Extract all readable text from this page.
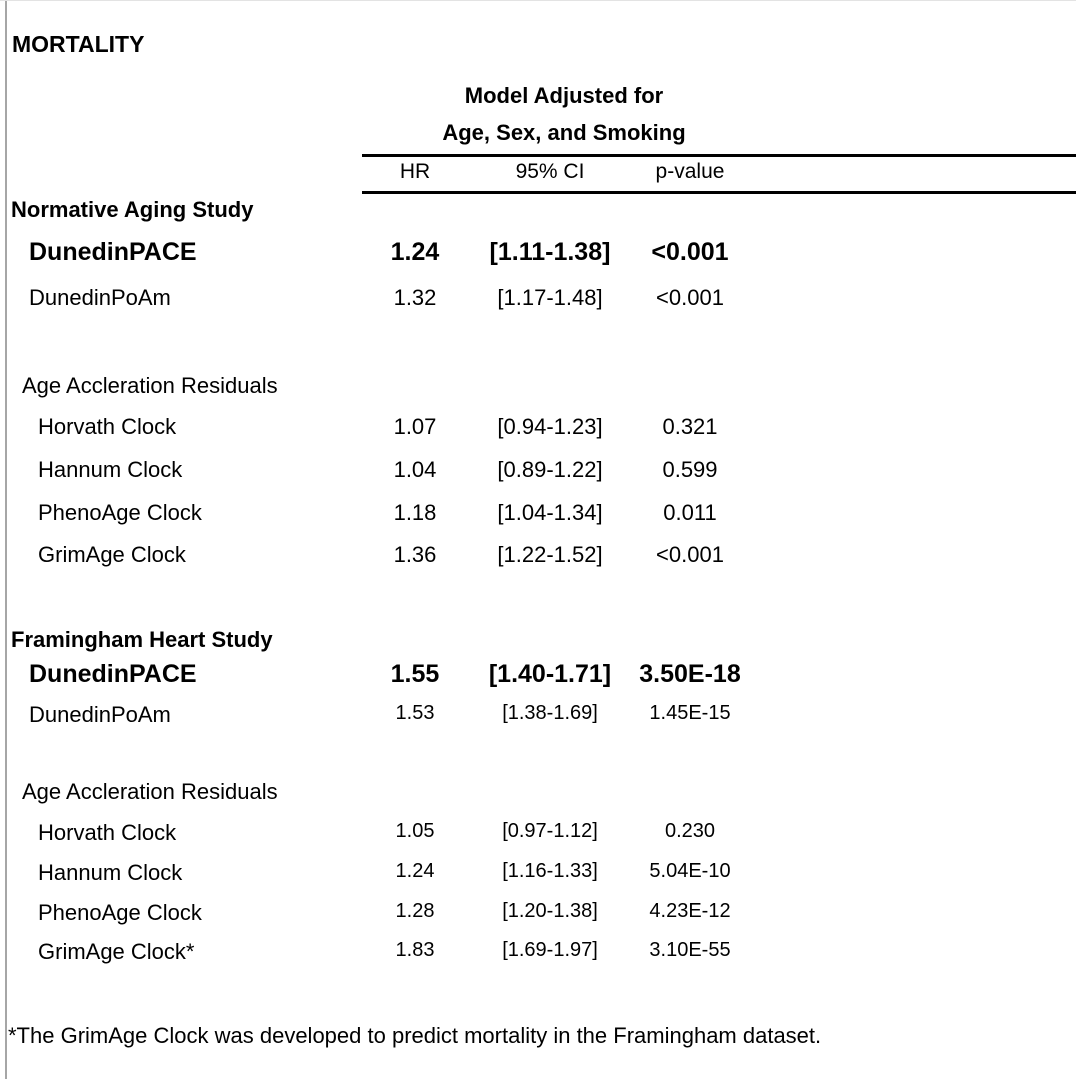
MORTALITY
Model Adjusted for
Age, Sex, and Smoking
HR	95% CI	p-value
Normative Aging Study
DunedinPACE	1.24	[1.11-1.38]	<0.001
DunedinPoAm	1.32	[1.17-1.48]	<0.001
Age Accleration Residuals
Horvath Clock	1.07	[0.94-1.23]	0.321
Hannum Clock	1.04	[0.89-1.22]	0.599
PhenoAge Clock	1.18	[1.04-1.34]	0.011
GrimAge Clock	1.36	[1.22-1.52]	<0.001
Framingham Heart Study
DunedinPACE	1.55	[1.40-1.71]	3.50E-18
DunedinPoAm	1.53	[1.38-1.69]	1.45E-15
Age Accleration Residuals
Horvath Clock	1.05	[0.97-1.12]	0.230
Hannum Clock	1.24	[1.16-1.33]	5.04E-10
PhenoAge Clock	1.28	[1.20-1.38]	4.23E-12
GrimAge Clock*	1.83	[1.69-1.97]	3.10E-55
*The GrimAge Clock was developed to predict mortality in the Framingham dataset.
